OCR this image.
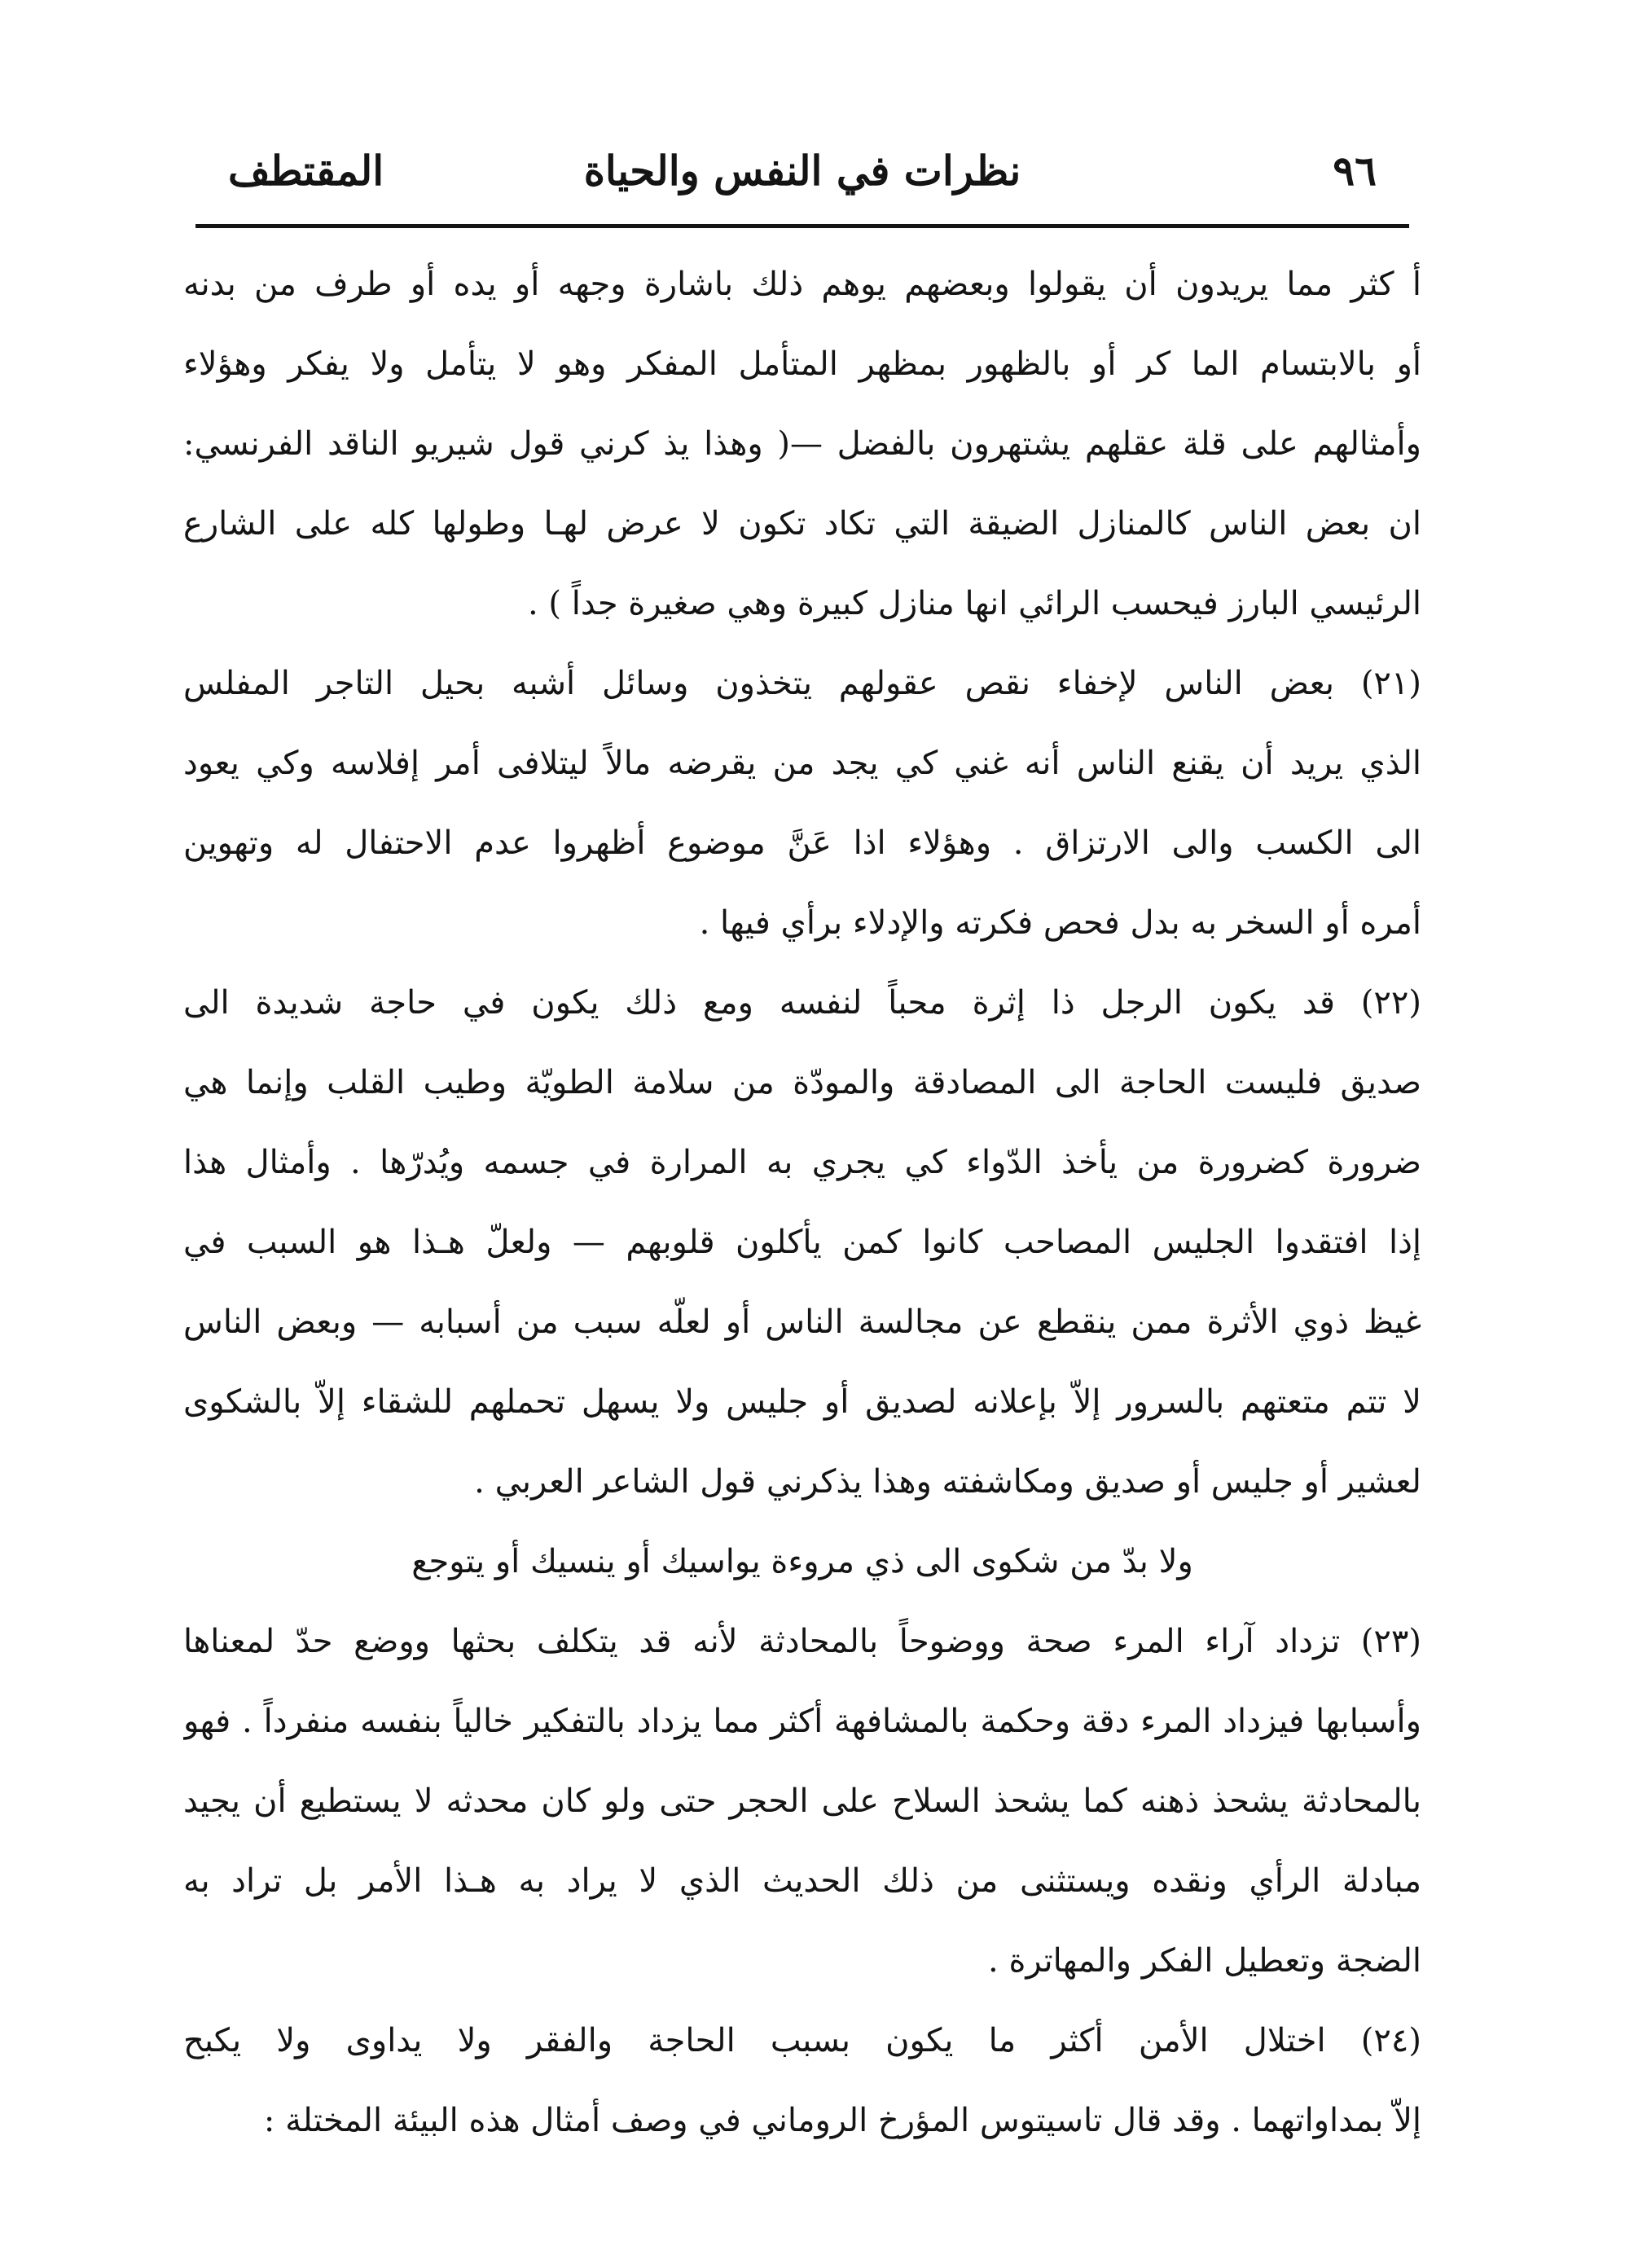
٩٦
نظرات في النفس والحياة
المقتطف
أ كثر مما يريدون أن يقولوا وبعضهم يوهم ذلك باشارة وجهه أو يده أو طرف من بدنه
أو بالابتسام الما كر أو بالظهور بمظهر المتأمل المفكر وهو لا يتأمل ولا يفكر وهؤلاء
وأمثالهم على قلة عقلهم يشتهرون بالفضل —( وهذا يذ كرني قول شيريو الناقد الفرنسي:
ان بعض الناس كالمنازل الضيقة التي تكاد تكون لا عرض لهـا وطولها كله على الشارع
الرئيسي البارز فيحسب الرائي انها منازل كبيرة وهي صغيرة جداً ) .
(٢١) بعض الناس لإخفاء نقص عقولهم يتخذون وسائل أشبه بحيل التاجر المفلس
الذي يريد أن يقنع الناس أنه غني كي يجد من يقرضه مالاً ليتلافى أمر إفلاسه وكي يعود
الى الكسب والى الارتزاق . وهؤلاء اذا عَنَّ موضوع أظهروا عدم الاحتفال له وتهوين
أمره أو السخر به بدل فحص فكرته والإدلاء برأي فيها .
(٢٢) قد يكون الرجل ذا إثرة محباً لنفسه ومع ذلك يكون في حاجة شديدة الى
صديق فليست الحاجة الى المصادقة والمودّة من سلامة الطويّة وطيب القلب وإنما هي
ضرورة كضرورة من يأخذ الدّواء كي يجري به المرارة في جسمه ويُدرّها . وأمثال هذا
إذا افتقدوا الجليس المصاحب كانوا كمن يأكلون قلوبهم — ولعلّ هـذا هو السبب في
غيظ ذوي الأثرة ممن ينقطع عن مجالسة الناس أو لعلّه سبب من أسبابه — وبعض الناس
لا تتم متعتهم بالسرور إلاّ بإعلانه لصديق أو جليس ولا يسهل تحملهم للشقاء إلاّ بالشكوى
لعشير أو جليس أو صديق ومكاشفته وهذا يذكرني قول الشاعر العربي .
ولا بدّ من شكوى الى ذي مروءة يواسيك أو ينسيك أو يتوجع
(٢٣) تزداد آراء المرء صحة ووضوحاً بالمحادثة لأنه قد يتكلف بحثها ووضع حدّ لمعناها
وأسبابها فيزداد المرء دقة وحكمة بالمشافهة أكثر مما يزداد بالتفكير خالياً بنفسه منفرداً . فهو
بالمحادثة يشحذ ذهنه كما يشحذ السلاح على الحجر حتى ولو كان محدثه لا يستطيع أن يجيد
مبادلة الرأي ونقده ويستثنى من ذلك الحديث الذي لا يراد به هـذا الأمر بل تراد به
الضجة وتعطيل الفكر والمهاترة .
(٢٤) اختلال الأمن أكثر ما يكون بسبب الحاجة والفقر ولا يداوى ولا يكبح
إلاّ بمداواتهما . وقد قال تاسيتوس المؤرخ الروماني في وصف أمثال هذه البيئة المختلة :
